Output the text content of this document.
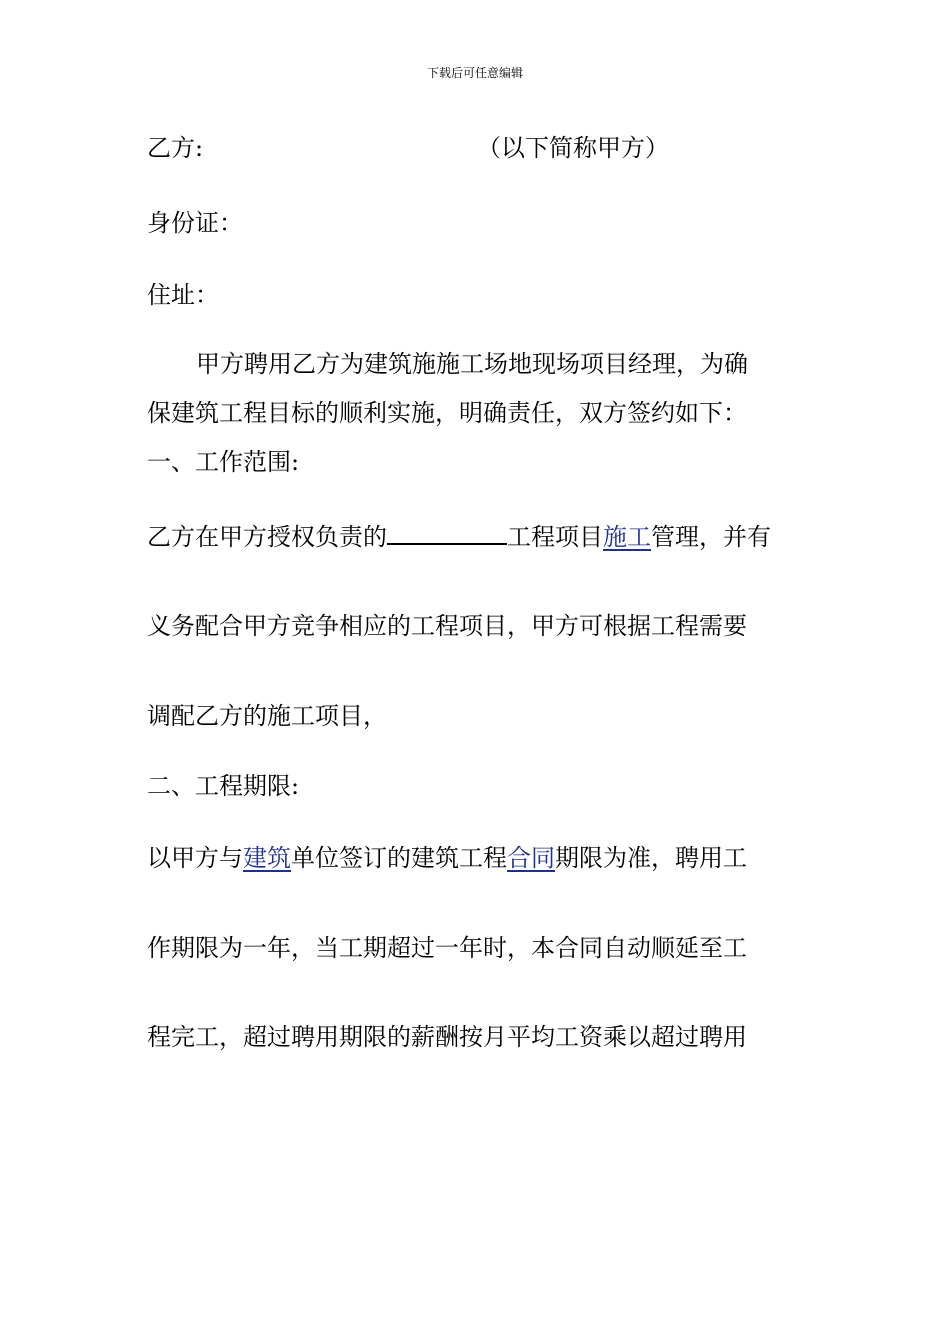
下载后可任意编辑
乙方:	（以下简称甲方）
身份证：
住址：
甲方聘用乙方为建筑施施工场地现场项目经理，为确
保建筑工程目标的顺利实施，明确责任，双方签约如下：
一、工作范围:
乙方在甲方授权负责的	工程项目施工管理，并有
义务配合甲方竞争相应的工程项目，甲方可根据工程需要
调配乙方的施工项目，
二、工程期限:
以甲方与建筑单位签订的建筑工程合同期限为准，聘用工
作期限为一年，当工期超过一年时，本合同自动顺延至工
程完工，超过聘用期限的薪酬按月平均工资乘以超过聘用
